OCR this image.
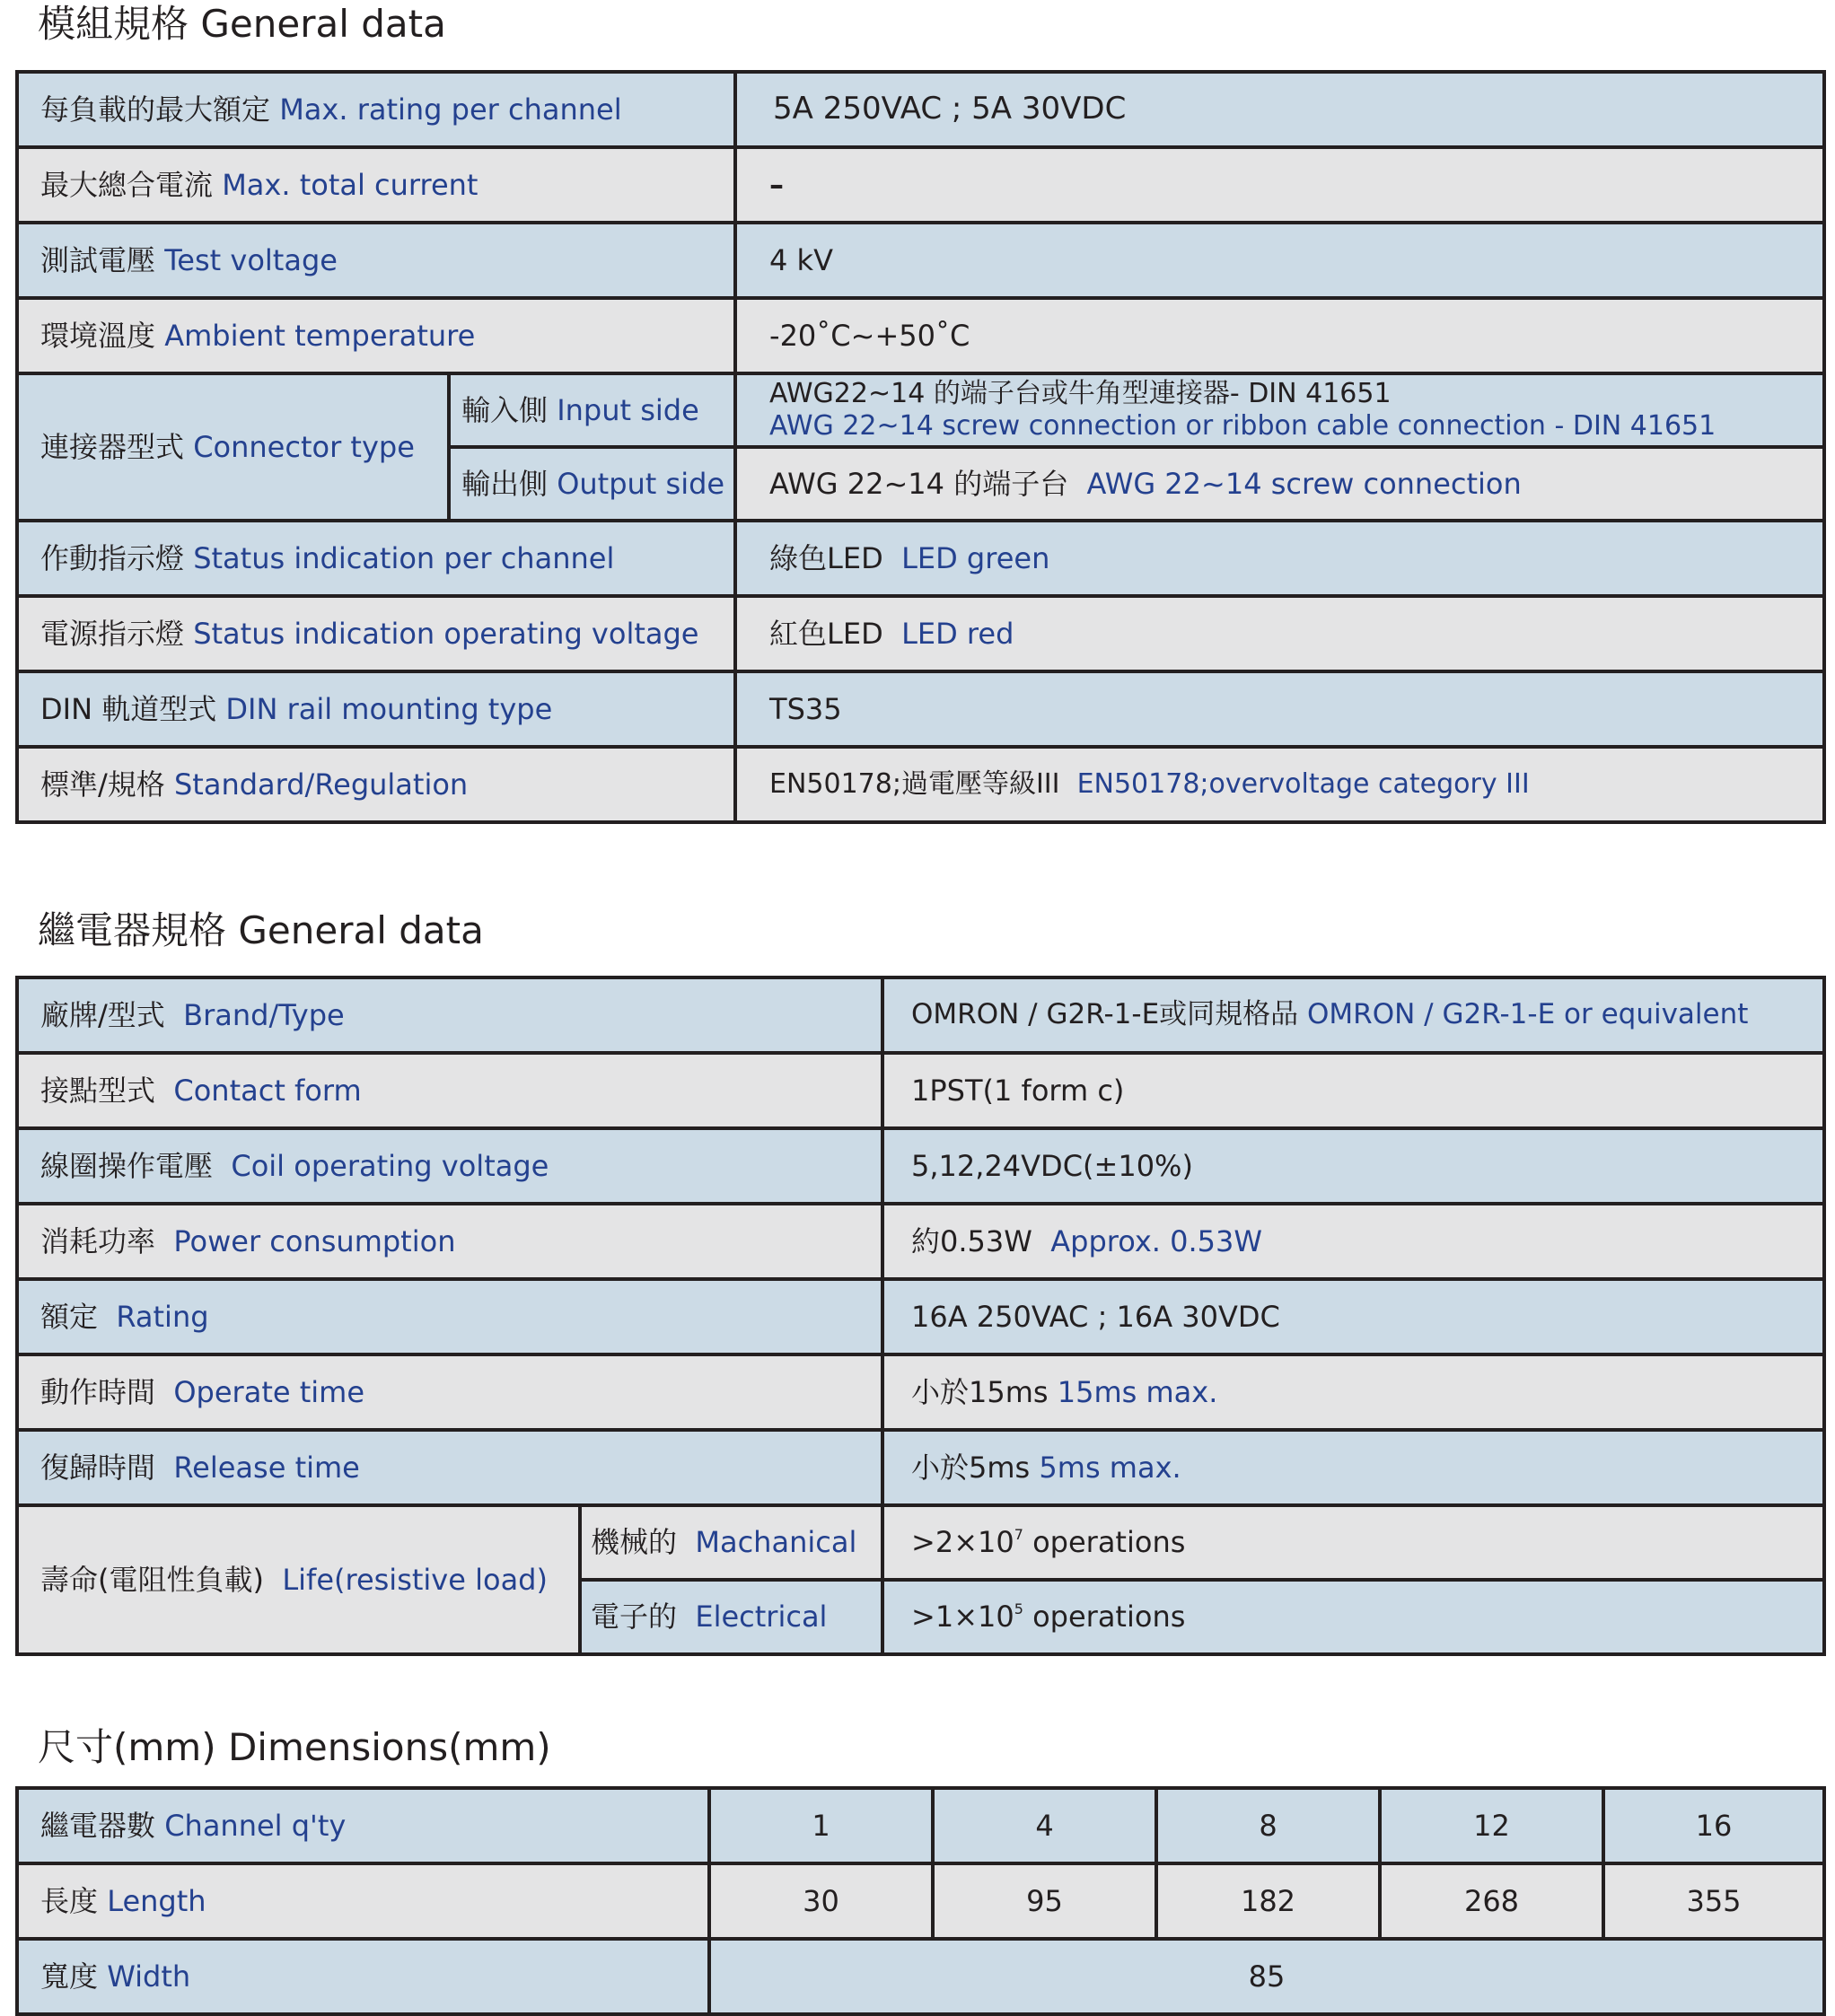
模組規格 General data
每負載的最大額定 Max. rating per channel		5A 250VAC ; 5A 30VDC
最大總合電流 Max. total current		–
測試電壓 Test voltage		4 kV
環境溫度 Ambient temperature		-20˚C~+50˚C
連接器型式 Connector type	輸入側 Input side	AWG22~14 的端子台或牛角型連接器- DIN 41651
AWG 22~14 screw connection or ribbon cable connection - DIN 41651

	輸出側 Output side	AWG 22~14 的端子台 AWG 22~14 screw connection
作動指示燈 Status indication per channel		綠色LED LED green
電源指示燈 Status indication operating voltage		紅色LED LED red
DIN 軌道型式 DIN rail mounting type		TS35
標準/規格 Standard/Regulation		EN50178;過電壓等級III EN50178;overvoltage category III
繼電器規格 General data
廠牌/型式 Brand/Type		OMRON / G2R-1-E或同規格品 OMRON / G2R-1-E or equivalent
接點型式 Contact form		1PST(1 form c)
線圈操作電壓 Coil operating voltage		5,12,24VDC(±10%)
消耗功率 Power consumption		約0.53W Approx. 0.53W
額定 Rating		16A 250VAC ; 16A 30VDC
動作時間 Operate time		小於15ms 15ms max.
復歸時間 Release time		小於5ms 5ms max.
壽命(電阻性負載) Life(resistive load)	機械的 Machanical	$>2\times 10^7$ operations
	電子的 Electrical	$>1\times 10^5$ operations
尺寸(mm) Dimensions(mm)
繼電器數 Channel q'ty	1	4	8	12	16
長度 Length	30	95	182	268	355
寬度 Width	85				
